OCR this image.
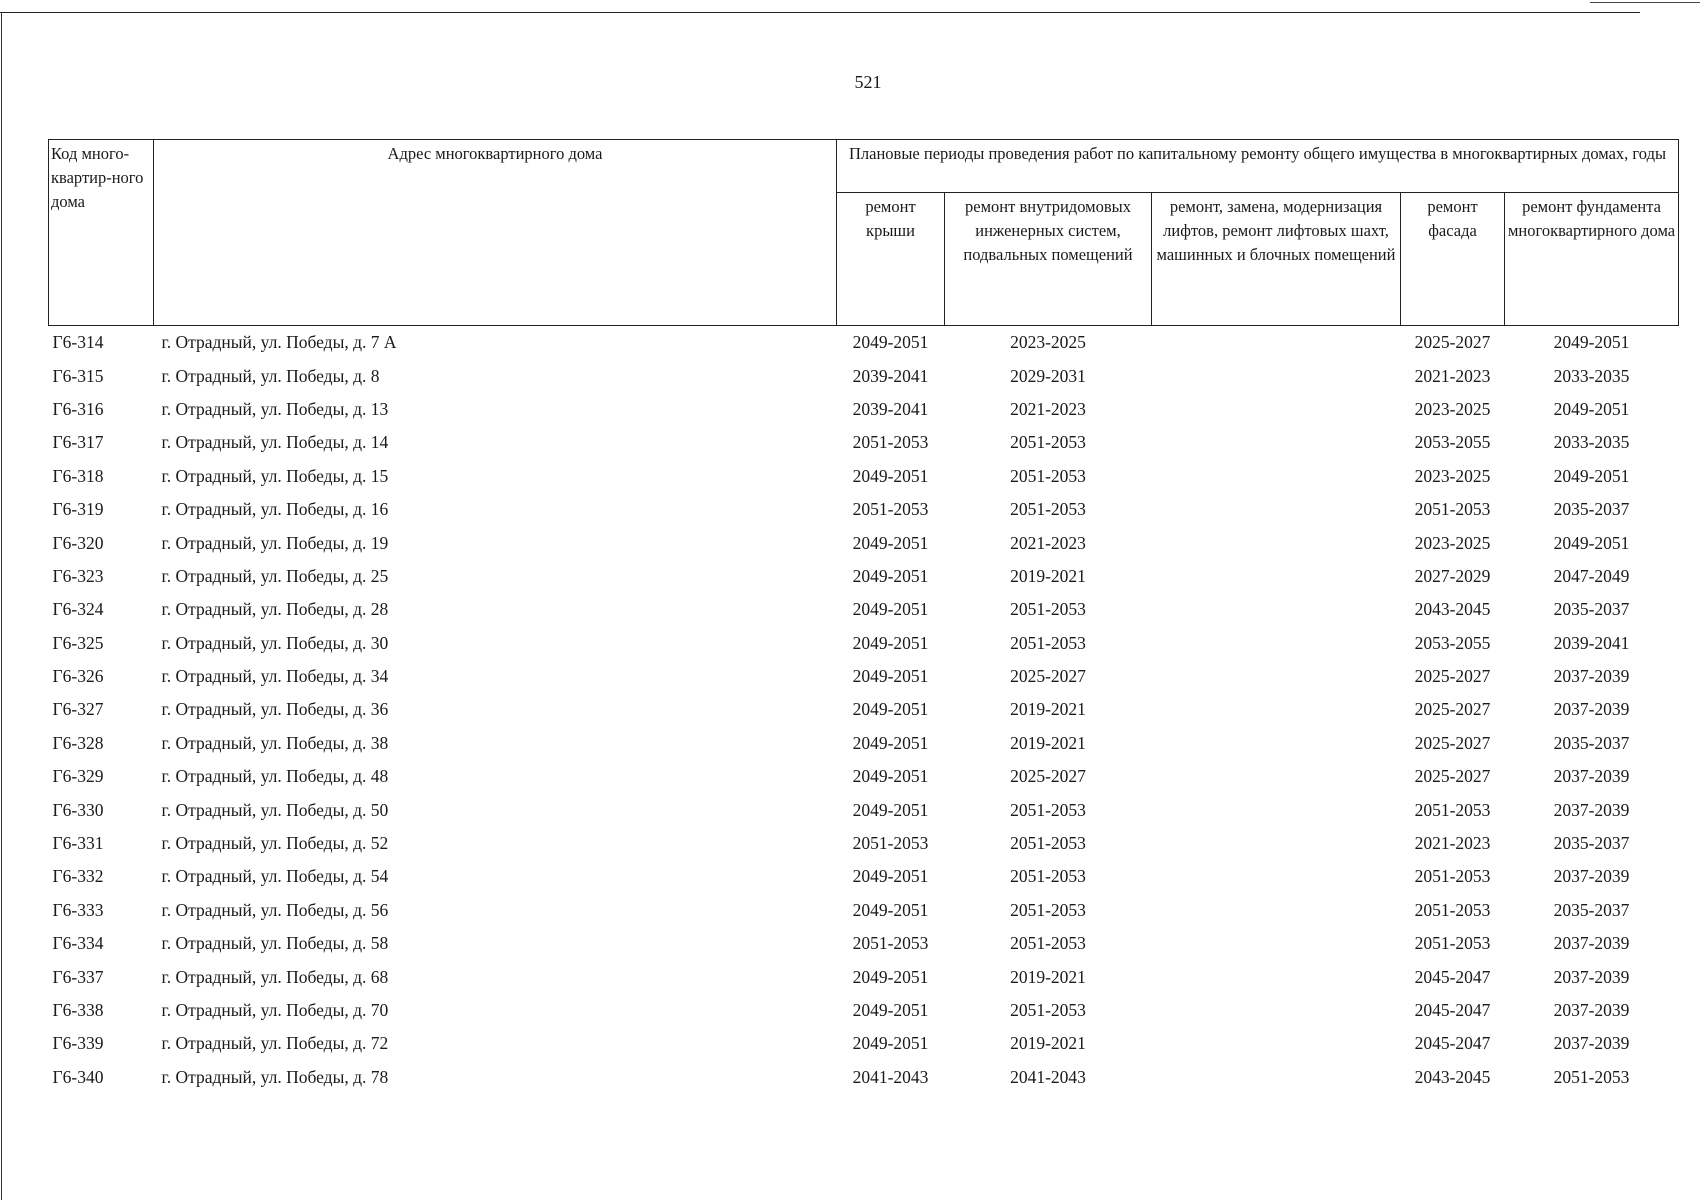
521
Код много-квартир-ного дома	Адрес многоквартирного дома	Плановые периоды проведения работ по капитальному ремонту общего имущества в многоквартирных домах, годы				
		ремонт крыши	ремонт внутридомовых инженерных систем, подвальных помещений	ремонт, замена, модернизация лифтов, ремонт лифтовых шахт, машинных и блочных помещений	ремонт фасада	ремонт фундамента многоквартирного дома
Г6-314	г. Отрадный, ул. Победы, д. 7 А	2049-2051	2023-2025		2025-2027	2049-2051
Г6-315	г. Отрадный, ул. Победы, д. 8	2039-2041	2029-2031		2021-2023	2033-2035
Г6-316	г. Отрадный, ул. Победы, д. 13	2039-2041	2021-2023		2023-2025	2049-2051
Г6-317	г. Отрадный, ул. Победы, д. 14	2051-2053	2051-2053		2053-2055	2033-2035
Г6-318	г. Отрадный, ул. Победы, д. 15	2049-2051	2051-2053		2023-2025	2049-2051
Г6-319	г. Отрадный, ул. Победы, д. 16	2051-2053	2051-2053		2051-2053	2035-2037
Г6-320	г. Отрадный, ул. Победы, д. 19	2049-2051	2021-2023		2023-2025	2049-2051
Г6-323	г. Отрадный, ул. Победы, д. 25	2049-2051	2019-2021		2027-2029	2047-2049
Г6-324	г. Отрадный, ул. Победы, д. 28	2049-2051	2051-2053		2043-2045	2035-2037
Г6-325	г. Отрадный, ул. Победы, д. 30	2049-2051	2051-2053		2053-2055	2039-2041
Г6-326	г. Отрадный, ул. Победы, д. 34	2049-2051	2025-2027		2025-2027	2037-2039
Г6-327	г. Отрадный, ул. Победы, д. 36	2049-2051	2019-2021		2025-2027	2037-2039
Г6-328	г. Отрадный, ул. Победы, д. 38	2049-2051	2019-2021		2025-2027	2035-2037
Г6-329	г. Отрадный, ул. Победы, д. 48	2049-2051	2025-2027		2025-2027	2037-2039
Г6-330	г. Отрадный, ул. Победы, д. 50	2049-2051	2051-2053		2051-2053	2037-2039
Г6-331	г. Отрадный, ул. Победы, д. 52	2051-2053	2051-2053		2021-2023	2035-2037
Г6-332	г. Отрадный, ул. Победы, д. 54	2049-2051	2051-2053		2051-2053	2037-2039
Г6-333	г. Отрадный, ул. Победы, д. 56	2049-2051	2051-2053		2051-2053	2035-2037
Г6-334	г. Отрадный, ул. Победы, д. 58	2051-2053	2051-2053		2051-2053	2037-2039
Г6-337	г. Отрадный, ул. Победы, д. 68	2049-2051	2019-2021		2045-2047	2037-2039
Г6-338	г. Отрадный, ул. Победы, д. 70	2049-2051	2051-2053		2045-2047	2037-2039
Г6-339	г. Отрадный, ул. Победы, д. 72	2049-2051	2019-2021		2045-2047	2037-2039
Г6-340	г. Отрадный, ул. Победы, д. 78	2041-2043	2041-2043		2043-2045	2051-2053
